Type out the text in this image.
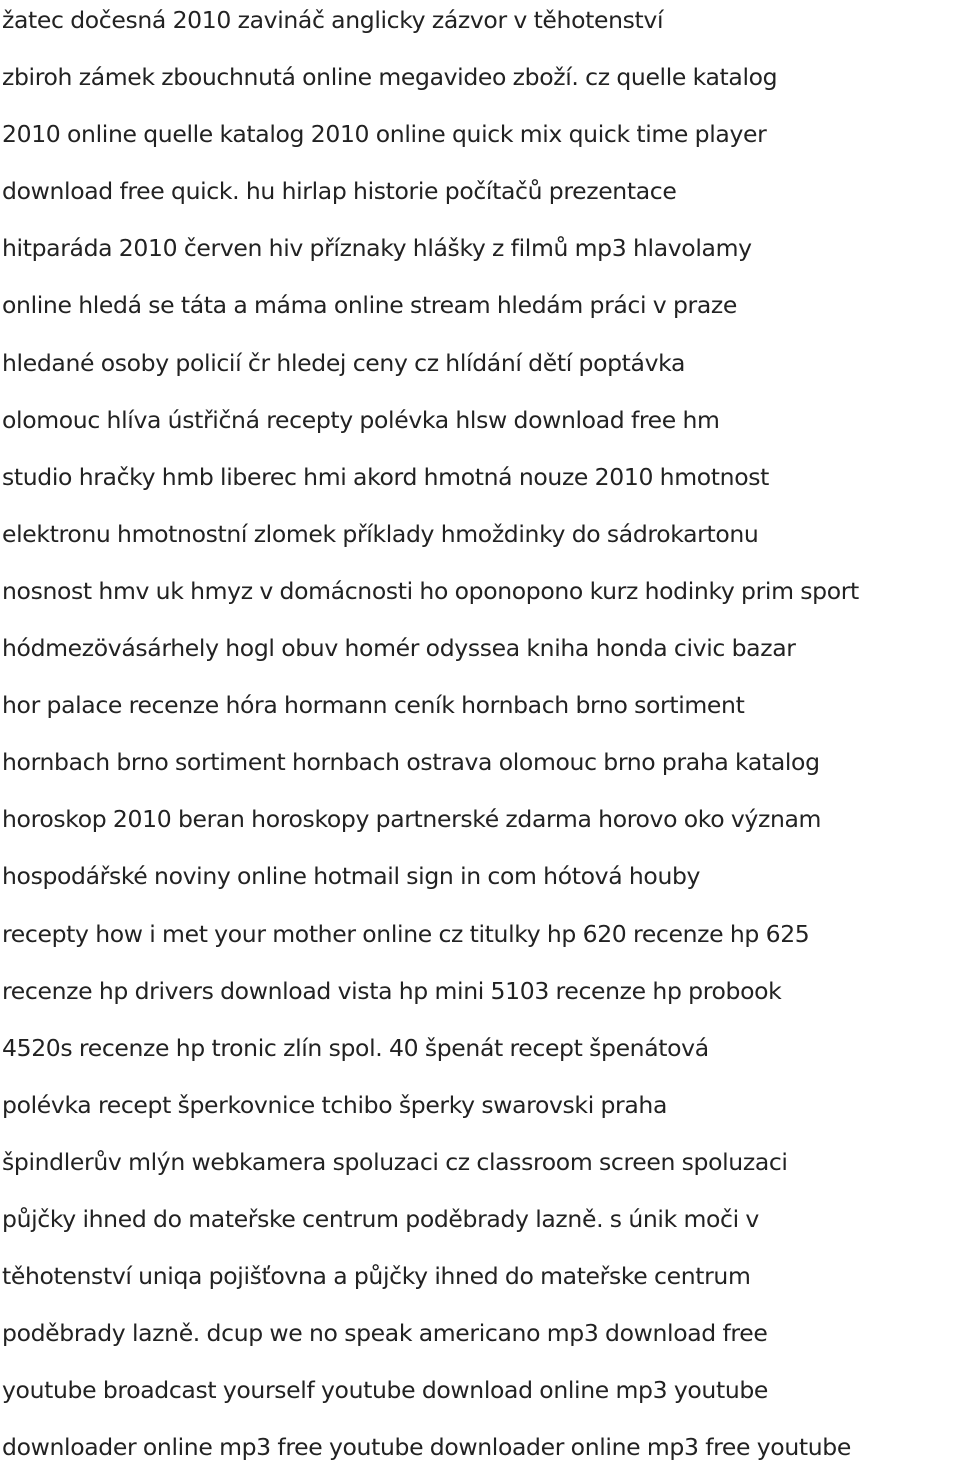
žatec dočesná 2010 zavináč anglicky zázvor v těhotenství
zbiroh zámek zbouchnutá online megavideo zboží. cz quelle katalog
2010 online quelle katalog 2010 online quick mix quick time player
download free quick. hu hirlap historie počítačů prezentace
hitparáda 2010 červen hiv příznaky hlášky z filmů mp3 hlavolamy
online hledá se táta a máma online stream hledám práci v praze
hledané osoby policií čr hledej ceny cz hlídání dětí poptávka
olomouc hlíva ústřičná recepty polévka hlsw download free hm
studio hračky hmb liberec hmi akord hmotná nouze 2010 hmotnost
elektronu hmotnostní zlomek příklady hmoždinky do sádrokartonu
nosnost hmv uk hmyz v domácnosti ho oponopono kurz hodinky prim sport
hódmezövásárhely hogl obuv homér odyssea kniha honda civic bazar
hor palace recenze hóra hormann ceník hornbach brno sortiment
hornbach brno sortiment hornbach ostrava olomouc brno praha katalog
horoskop 2010 beran horoskopy partnerské zdarma horovo oko význam
hospodářské noviny online hotmail sign in com hótová houby
recepty how i met your mother online cz titulky hp 620 recenze hp 625
recenze hp drivers download vista hp mini 5103 recenze hp probook
4520s recenze hp tronic zlín spol. 40 špenát recept špenátová
polévka recept šperkovnice tchibo šperky swarovski praha
špindlerův mlýn webkamera spoluzaci cz classroom screen spoluzaci
půjčky ihned do mateřske centrum poděbrady lazně. s únik moči v
těhotenství uniqa pojišťovna a půjčky ihned do mateřske centrum
poděbrady lazně. dcup we no speak americano mp3 download free
youtube broadcast yourself youtube download online mp3 youtube
downloader online mp3 free youtube downloader online mp3 free youtube
